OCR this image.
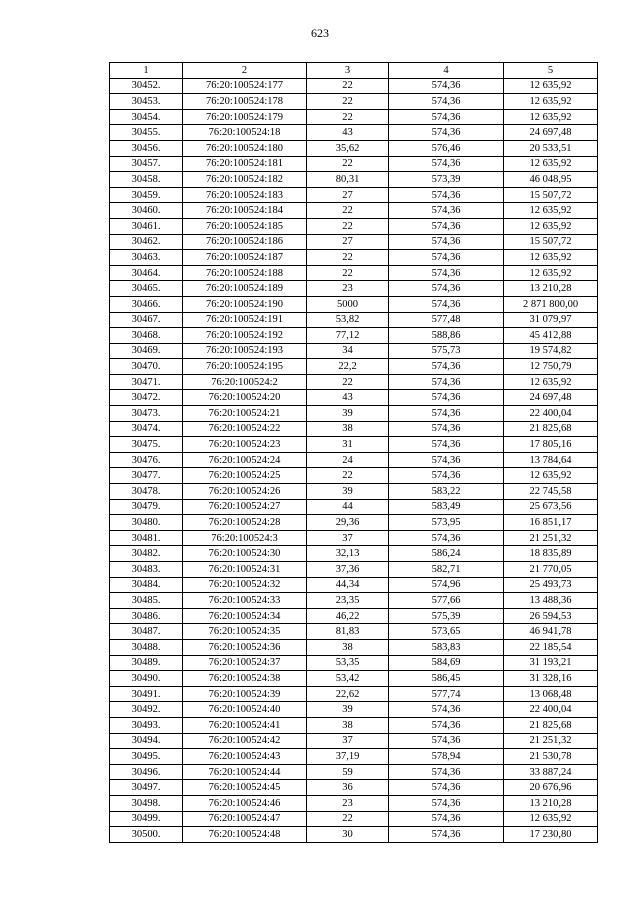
623
1	2	3	4	5
30452.	76:20:100524:177	22	574,36	12 635,92
30453.	76:20:100524:178	22	574,36	12 635,92
30454.	76:20:100524:179	22	574,36	12 635,92
30455.	76:20:100524:18	43	574,36	24 697,48
30456.	76:20:100524:180	35,62	576,46	20 533,51
30457.	76:20:100524:181	22	574,36	12 635,92
30458.	76:20:100524:182	80,31	573,39	46 048,95
30459.	76:20:100524:183	27	574,36	15 507,72
30460.	76:20:100524:184	22	574,36	12 635,92
30461.	76:20:100524:185	22	574,36	12 635,92
30462.	76:20:100524:186	27	574,36	15 507,72
30463.	76:20:100524:187	22	574,36	12 635,92
30464.	76:20:100524:188	22	574,36	12 635,92
30465.	76:20:100524:189	23	574,36	13 210,28
30466.	76:20:100524:190	5000	574,36	2 871 800,00
30467.	76:20:100524:191	53,82	577,48	31 079,97
30468.	76:20:100524:192	77,12	588,86	45 412,88
30469.	76:20:100524:193	34	575,73	19 574,82
30470.	76:20:100524:195	22,2	574,36	12 750,79
30471.	76:20:100524:2	22	574,36	12 635,92
30472.	76:20:100524:20	43	574,36	24 697,48
30473.	76:20:100524:21	39	574,36	22 400,04
30474.	76:20:100524:22	38	574,36	21 825,68
30475.	76:20:100524:23	31	574,36	17 805,16
30476.	76:20:100524:24	24	574,36	13 784,64
30477.	76:20:100524:25	22	574,36	12 635,92
30478.	76:20:100524:26	39	583,22	22 745,58
30479.	76:20:100524:27	44	583,49	25 673,56
30480.	76:20:100524:28	29,36	573,95	16 851,17
30481.	76:20:100524:3	37	574,36	21 251,32
30482.	76:20:100524:30	32,13	586,24	18 835,89
30483.	76:20:100524:31	37,36	582,71	21 770,05
30484.	76:20:100524:32	44,34	574,96	25 493,73
30485.	76:20:100524:33	23,35	577,66	13 488,36
30486.	76:20:100524:34	46,22	575,39	26 594,53
30487.	76:20:100524:35	81,83	573,65	46 941,78
30488.	76:20:100524:36	38	583,83	22 185,54
30489.	76:20:100524:37	53,35	584,69	31 193,21
30490.	76:20:100524:38	53,42	586,45	31 328,16
30491.	76:20:100524:39	22,62	577,74	13 068,48
30492.	76:20:100524:40	39	574,36	22 400,04
30493.	76:20:100524:41	38	574,36	21 825,68
30494.	76:20:100524:42	37	574,36	21 251,32
30495.	76:20:100524:43	37,19	578,94	21 530,78
30496.	76:20:100524:44	59	574,36	33 887,24
30497.	76:20:100524:45	36	574,36	20 676,96
30498.	76:20:100524:46	23	574,36	13 210,28
30499.	76:20:100524:47	22	574,36	12 635,92
30500.	76:20:100524:48	30	574,36	17 230,80
